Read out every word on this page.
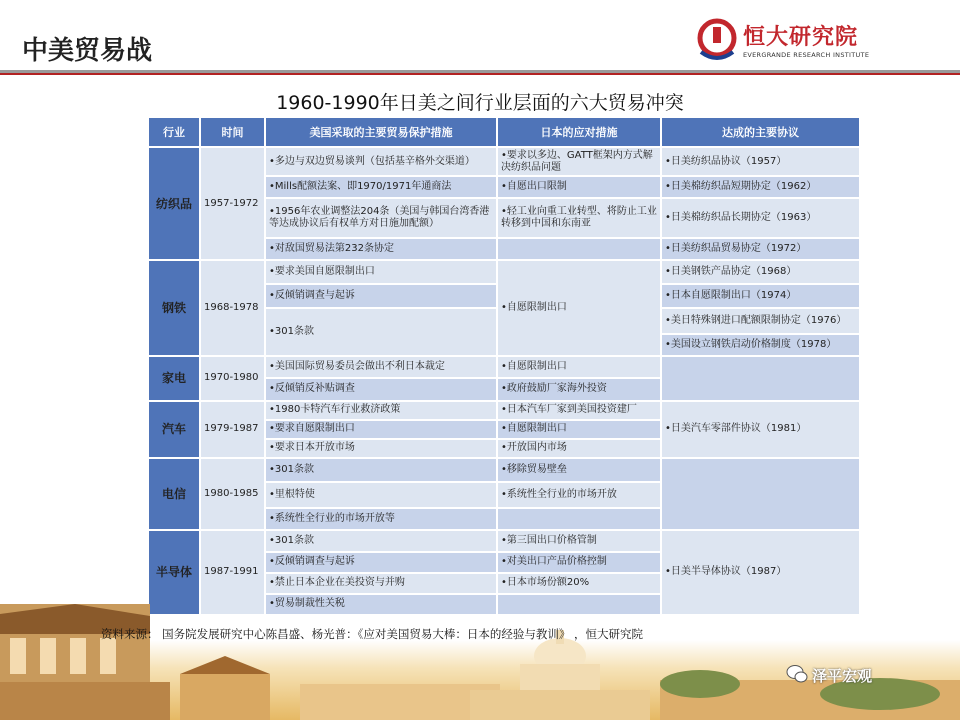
中美贸易战	恒大研究院
EVERGRANDE RESEARCH INSTITUTE
1960-1990年日美之间行业层面的六大贸易冲突
行业	时间	美国采取的主要贸易保护措施	日本的应对措施	达成的主要协议
纺织品	1957-1972	•多边与双边贸易谈判（包括基辛格外交渠道）	•要求以多边、GATT框架内方式解决纺织品问题	•日美纺织品协议（1957）
		•Mills配额法案、即1970/1971年通商法	•自愿出口限制	•日美棉纺织品短期协定（1962）
		•1956年农业调整法204条（美国与韩国台湾香港等达成协议后有权单方对日施加配额）	•轻工业向重工业转型、将防止工业转移到中国和东南亚	•日美棉纺织品长期协定（1963）
		•对敌国贸易法第232条协定		•日美纺织品贸易协定（1972）
钢铁	1968-1978	•要求美国自愿限制出口	•自愿限制出口	•日美钢铁产品协定（1968）
		•反倾销调查与起诉		•日本自愿限制出口（1974）
		•301条款		•美日特殊钢进口配额限制协定（1976）
				•美国设立钢铁启动价格制度（1978）
家电	1970-1980	•美国国际贸易委员会做出不利日本裁定	•自愿限制出口	
		•反倾销反补贴调查	•政府鼓励厂家海外投资	
汽车	1979-1987	•1980卡特汽车行业救济政策	•日本汽车厂家到美国投资建厂	•日美汽车零部件协议（1981）
		•要求自愿限制出口	•自愿限制出口	
		•要求日本开放市场	•开放国内市场	
电信	1980-1985	•301条款	•移除贸易壁垒	
		•里根特使	•系统性全行业的市场开放	
		•系统性全行业的市场开放等		
半导体	1987-1991	•301条款	•第三国出口价格管制	•日美半导体协议（1987）
		•反倾销调查与起诉	•对美出口产品价格控制	
		•禁止日本企业在美投资与并购	•日本市场份额20%	
		•贸易制裁性关税		
泽平宏观
资料来源： 国务院发展研究中心陈昌盛、杨光普：《应对美国贸易大棒：日本的经验与教训》 ，恒大研究院
